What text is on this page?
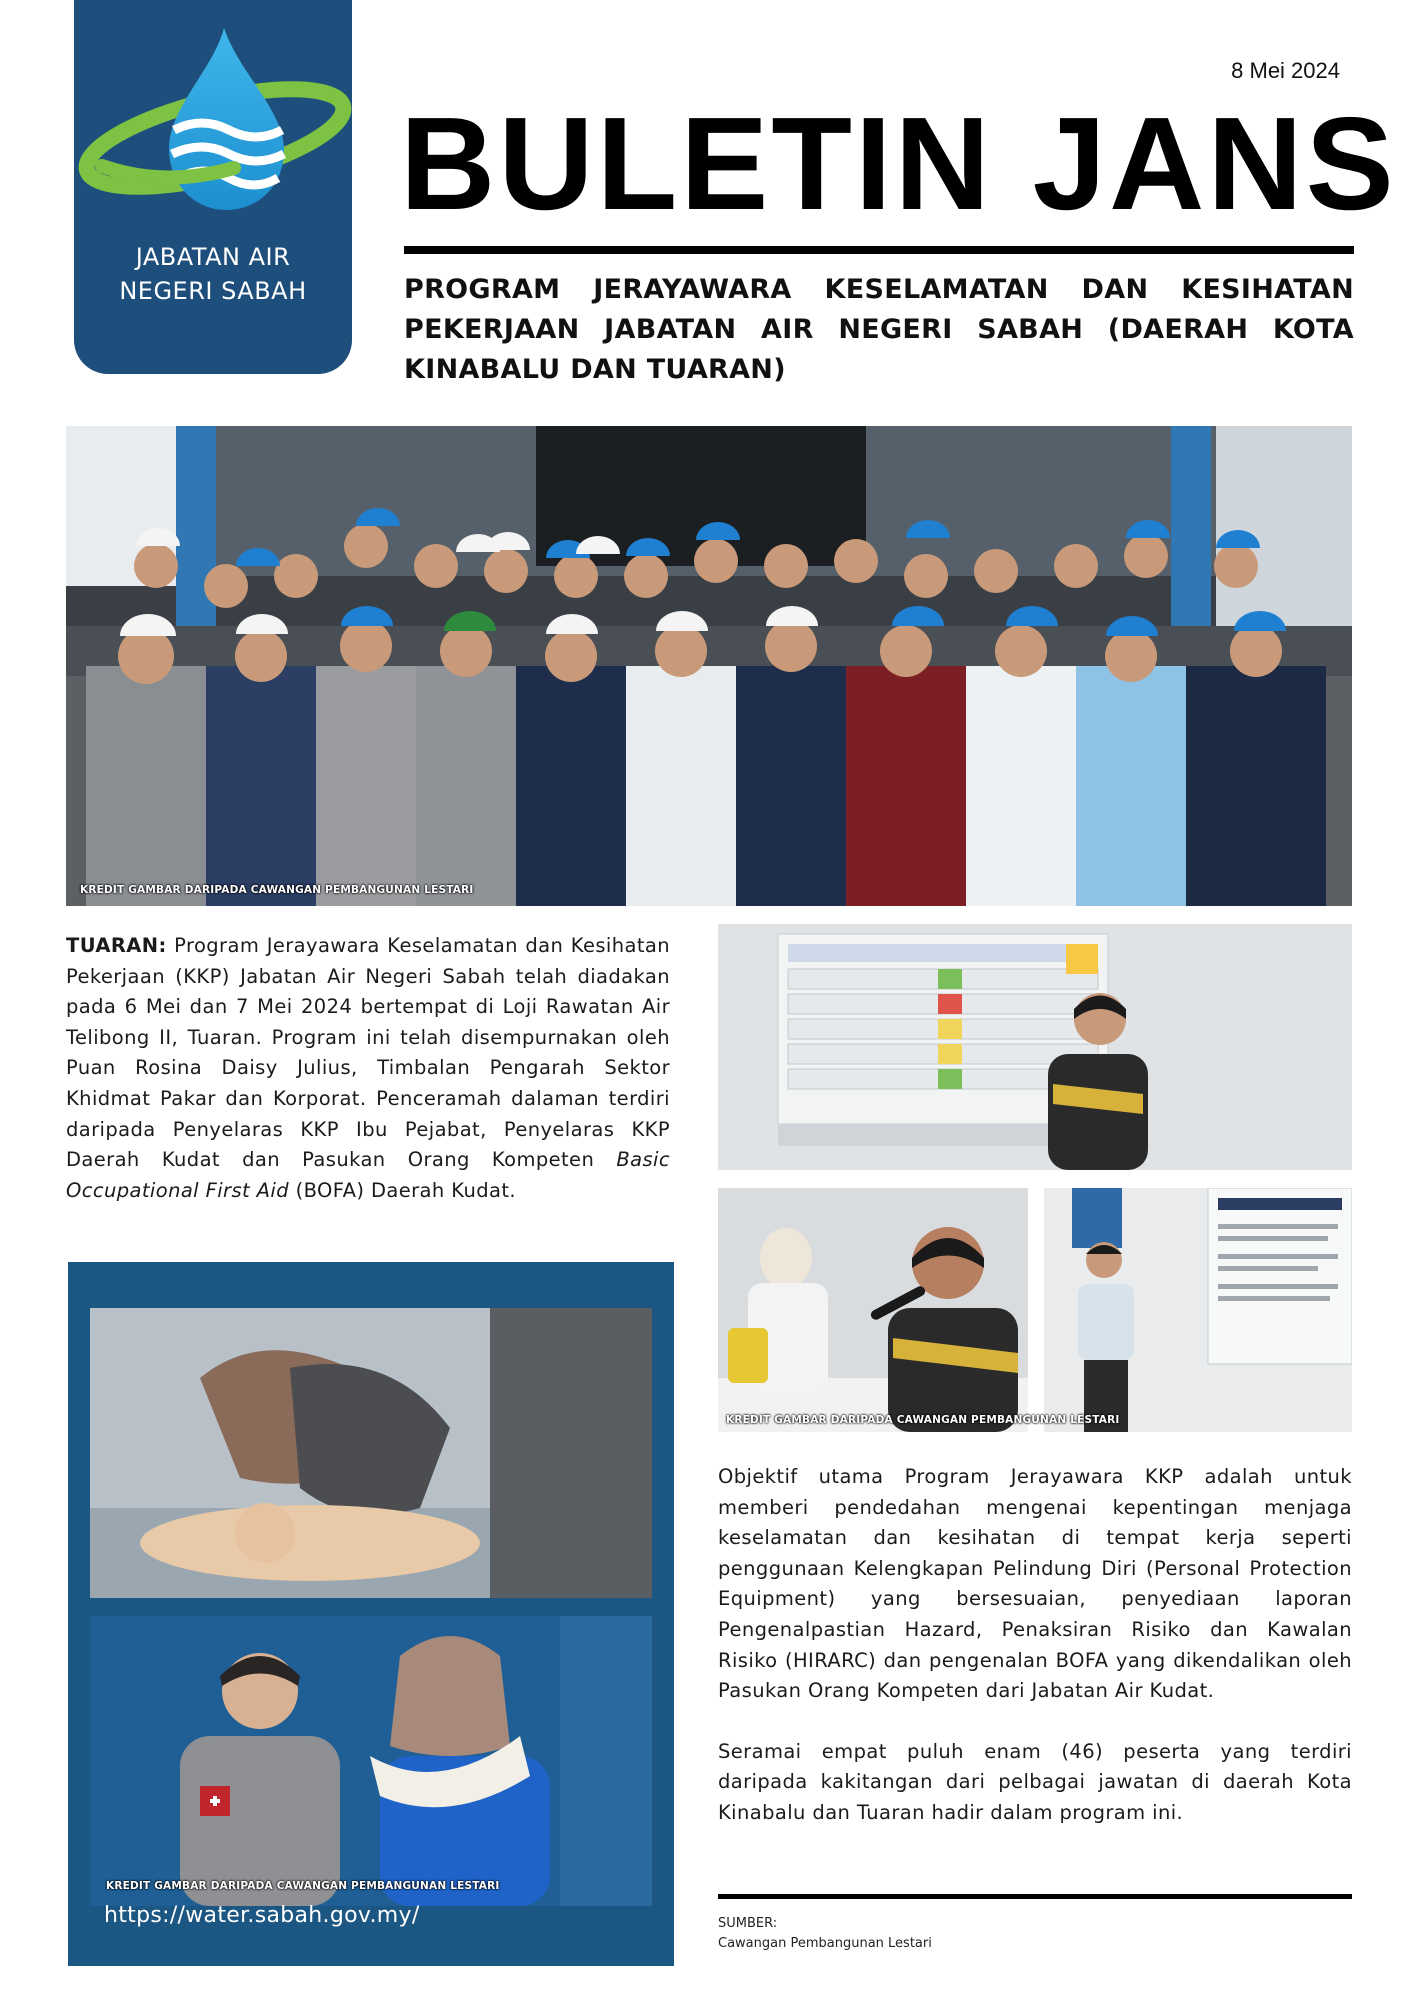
JABATAN AIR
NEGERI SABAH
8 Mei 2024
BULETIN JANS
PROGRAM JERAYAWARA KESELAMATAN DAN KESIHATAN PEKERJAAN JABATAN AIR NEGERI SABAH (DAERAH KOTA KINABALU DAN TUARAN)
KREDIT GAMBAR DARIPADA CAWANGAN PEMBANGUNAN LESTARI

TUARAN: Program Jerayawara Keselamatan dan Kesihatan Pekerjaan (KKP) Jabatan Air Negeri Sabah telah diadakan pada 6 Mei dan 7 Mei 2024 bertempat di Loji Rawatan Air Telibong II, Tuaran. Program ini telah disempurnakan oleh Puan Rosina Daisy Julius, Timbalan Pengarah Sektor Khidmat Pakar dan Korporat. Penceramah dalaman terdiri daripada Penyelaras KKP Ibu Pejabat, Penyelaras KKP Daerah Kudat dan Pasukan Orang Kompeten Basic Occupational First Aid (BOFA) Daerah Kudat.

KREDIT GAMBAR DARIPADA CAWANGAN PEMBANGUNAN LESTARI
https://water.sabah.gov.my/
KREDIT GAMBAR DARIPADA CAWANGAN PEMBANGUNAN LESTARI

Objektif utama Program Jerayawara KKP adalah untuk memberi pendedahan mengenai kepentingan menjaga keselamatan dan kesihatan di tempat kerja seperti penggunaan Kelengkapan Pelindung Diri (Personal Protection Equipment) yang bersesuaian, penyediaan laporan Pengenalpastian Hazard, Penaksiran Risiko dan Kawalan Risiko (HIRARC) dan pengenalan BOFA yang dikendalikan oleh Pasukan Orang Kompeten dari Jabatan Air Kudat.

Seramai empat puluh enam (46) peserta yang terdiri daripada kakitangan dari pelbagai jawatan di daerah Kota Kinabalu dan Tuaran hadir dalam program ini.

SUMBER:
Cawangan Pembangunan Lestari
